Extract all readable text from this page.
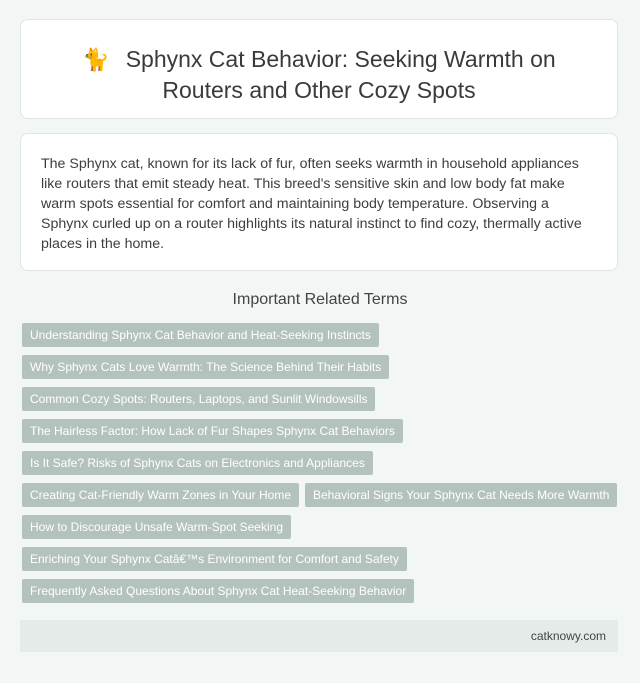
🐈 Sphynx Cat Behavior: Seeking Warmth on Routers and Other Cozy Spots

The Sphynx cat, known for its lack of fur, often seeks warmth in household appliances like routers that emit steady heat. This breed's sensitive skin and low body fat make warm spots essential for comfort and maintaining body temperature. Observing a Sphynx curled up on a router highlights its natural instinct to find cozy, thermally active places in the home.

Important Related Terms
Understanding Sphynx Cat Behavior and Heat-Seeking Instincts
Why Sphynx Cats Love Warmth: The Science Behind Their Habits
Common Cozy Spots: Routers, Laptops, and Sunlit Windowsills
The Hairless Factor: How Lack of Fur Shapes Sphynx Cat Behaviors
Is It Safe? Risks of Sphynx Cats on Electronics and Appliances
Creating Cat-Friendly Warm Zones in Your Home	Behavioral Signs Your Sphynx Cat Needs More Warmth
How to Discourage Unsafe Warm-Spot Seeking
Enriching Your Sphynx Catâ€™s Environment for Comfort and Safety
Frequently Asked Questions About Sphynx Cat Heat-Seeking Behavior
catknowy.com
